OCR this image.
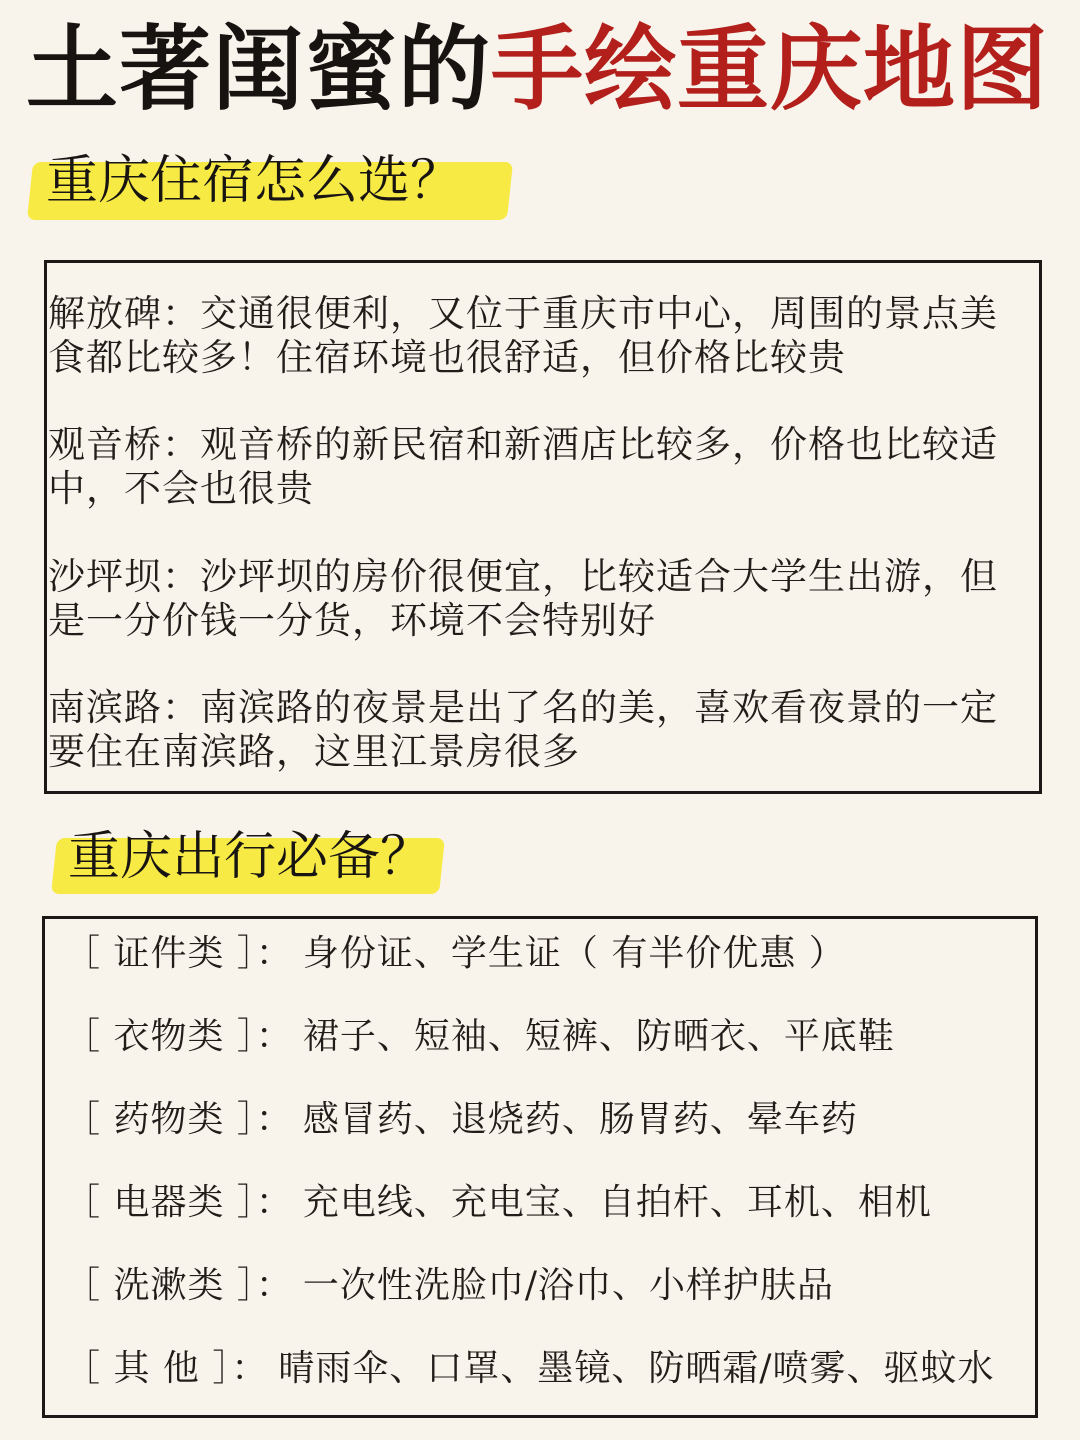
土著闺蜜的手绘重庆地图
重庆住宿怎么选？
解放碑：交通很便利，又位于重庆市中心，周围的景点美食都比较多！住宿环境也很舒适，但价格比较贵
观音桥：观音桥的新民宿和新酒店比较多，价格也比较适中，不会也很贵
沙坪坝：沙坪坝的房价很便宜，比较适合大学生出游，但是一分价钱一分货，环境不会特别好
南滨路：南滨路的夜景是出了名的美，喜欢看夜景的一定要住在南滨路，这里江景房很多
重庆出行必备？
［ 证件类 ］： 身份证、学生证（ 有半价优惠 ）
［ 衣物类 ］： 裙子、短袖、短裤、防晒衣、平底鞋
［ 药物类 ］： 感冒药、退烧药、肠胃药、晕车药
［ 电器类 ］： 充电线、充电宝、自拍杆、耳机、相机
［ 洗漱类 ］： 一次性洗脸巾/浴巾、小样护肤品
［ 其 他 ］： 晴雨伞、口罩、墨镜、防晒霜/喷雾、驱蚊水
